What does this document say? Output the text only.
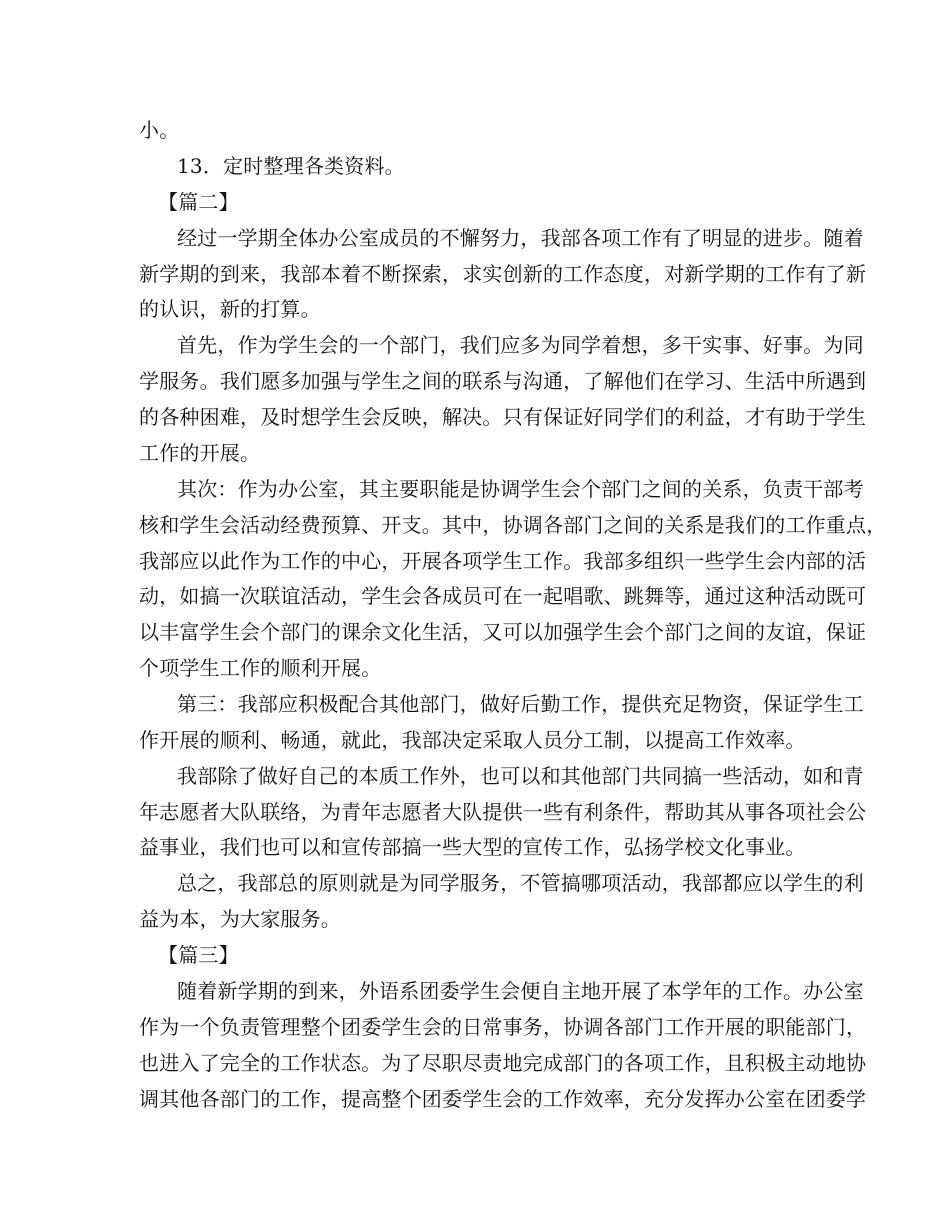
小。
13．定时整理各类资料。
【篇二】
经过一学期全体办公室成员的不懈努力，我部各项工作有了明显的进步。随着
新学期的到来，我部本着不断探索，求实创新的工作态度，对新学期的工作有了新
的认识，新的打算。
首先，作为学生会的一个部门，我们应多为同学着想，多干实事、好事。为同
学服务。我们愿多加强与学生之间的联系与沟通，了解他们在学习、生活中所遇到
的各种困难，及时想学生会反映，解决。只有保证好同学们的利益，才有助于学生
工作的开展。
其次：作为办公室，其主要职能是协调学生会个部门之间的关系，负责干部考
核和学生会活动经费预算、开支。其中，协调各部门之间的关系是我们的工作重点，
我部应以此作为工作的中心，开展各项学生工作。我部多组织一些学生会内部的活
动，如搞一次联谊活动，学生会各成员可在一起唱歌、跳舞等，通过这种活动既可
以丰富学生会个部门的课余文化生活，又可以加强学生会个部门之间的友谊，保证
个项学生工作的顺利开展。
第三：我部应积极配合其他部门，做好后勤工作，提供充足物资，保证学生工
作开展的顺利、畅通，就此，我部决定采取人员分工制，以提高工作效率。
我部除了做好自己的本质工作外，也可以和其他部门共同搞一些活动，如和青
年志愿者大队联络，为青年志愿者大队提供一些有利条件，帮助其从事各项社会公
益事业，我们也可以和宣传部搞一些大型的宣传工作，弘扬学校文化事业。
总之，我部总的原则就是为同学服务，不管搞哪项活动，我部都应以学生的利
益为本，为大家服务。
【篇三】
随着新学期的到来，外语系团委学生会便自主地开展了本学年的工作。办公室
作为一个负责管理整个团委学生会的日常事务，协调各部门工作开展的职能部门，
也进入了完全的工作状态。为了尽职尽责地完成部门的各项工作，且积极主动地协
调其他各部门的工作，提高整个团委学生会的工作效率，充分发挥办公室在团委学
